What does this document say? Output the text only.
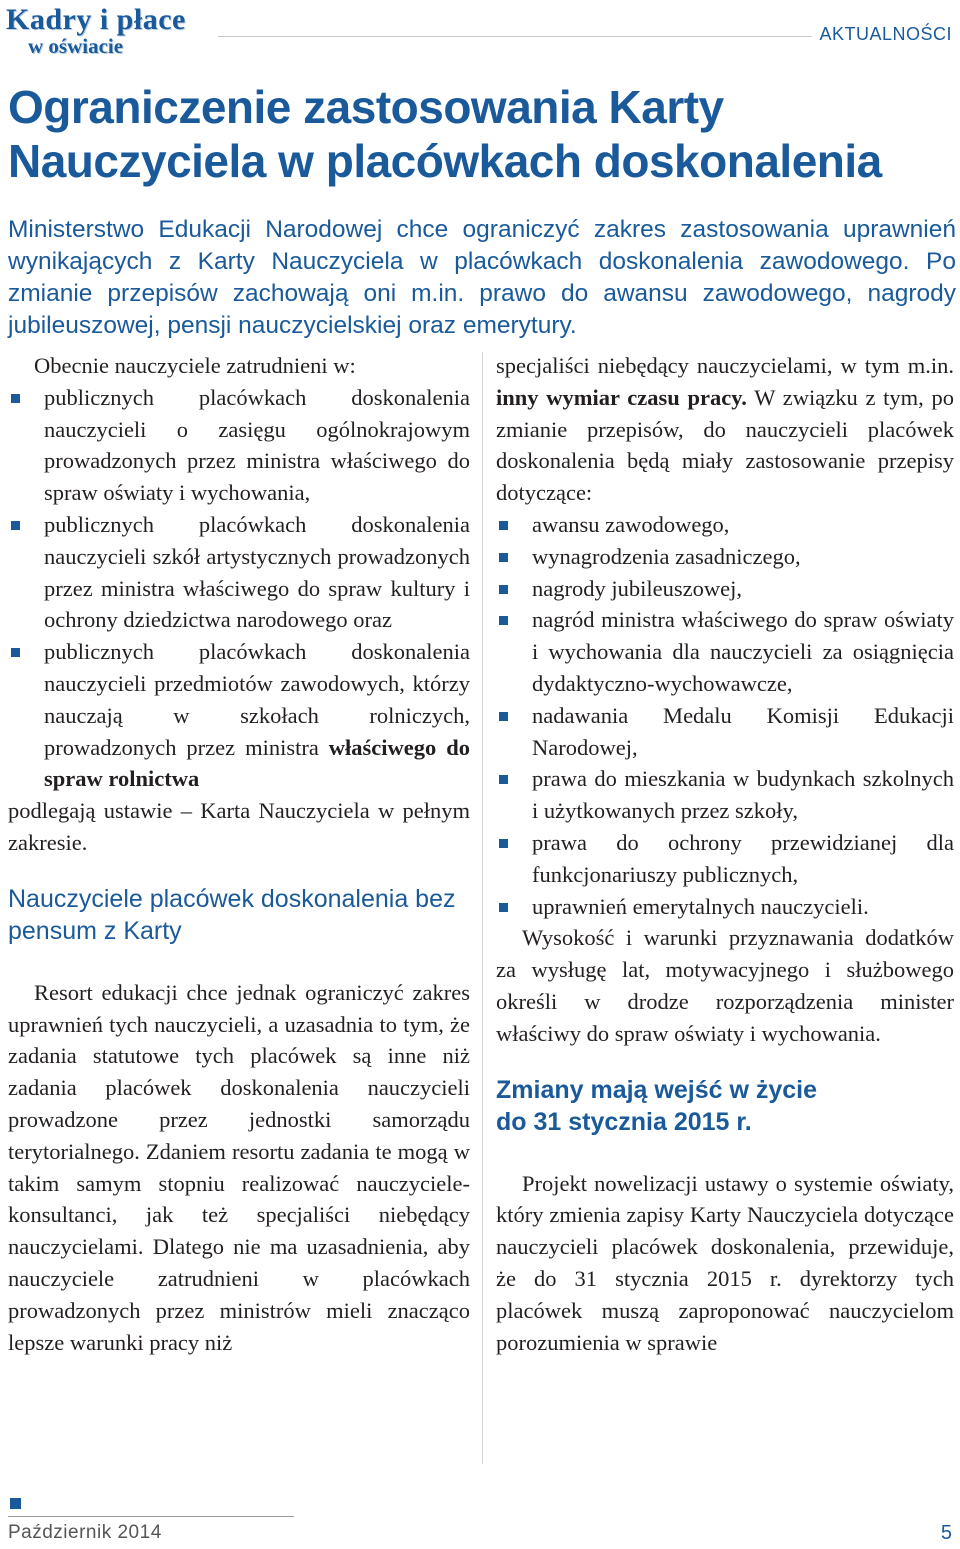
Kadry i płace
w oświacie	AKTUALNOŚCI
Ograniczenie zastosowania Karty Nauczyciela w placówkach doskonalenia

Ministerstwo Edukacji Narodowej chce ograniczyć zakres zastosowania uprawnień wynikających z Karty Nauczyciela w placówkach doskonalenia zawodowego. Po zmianie przepisów zachowają oni m.in. prawo do awansu zawodowego, nagrody jubileuszowej, pensji nauczycielskiej oraz emerytury.

Obecnie nauczyciele zatrudnieni w:

publicznych placówkach doskonalenia nauczycieli o zasięgu ogólnokrajowym prowadzonych przez ministra właściwego do spraw oświaty i wychowania,
publicznych placówkach doskonalenia nauczycieli szkół artystycznych prowadzonych przez ministra właściwego do spraw kultury i ochrony dziedzictwa narodowego oraz
publicznych placówkach doskonalenia nauczycieli przedmiotów zawodowych, którzy nauczają w szkołach rolniczych, prowadzonych przez ministra właściwego do spraw rolnictwa

podlegają ustawie – Karta Nauczyciela w pełnym zakresie.

Nauczyciele placówek doskonalenia bez pensum z Karty

Resort edukacji chce jednak ograniczyć zakres uprawnień tych nauczycieli, a uzasadnia to tym, że zadania statutowe tych placówek są inne niż zadania placówek doskonalenia nauczycieli prowadzone przez jednostki samorządu terytorialnego. Zdaniem resortu zadania te mogą w takim samym stopniu realizować nauczyciele-konsultanci, jak też specjaliści niebędący nauczycielami. Dlatego nie ma uzasadnienia, aby nauczyciele zatrudnieni w placówkach prowadzonych przez ministrów mieli znacząco lepsze warunki pracy niż

specjaliści niebędący nauczycielami, w tym m.in. inny wymiar czasu pracy. W związku z tym, po zmianie przepisów, do nauczycieli placówek doskonalenia będą miały zastosowanie przepisy dotyczące:

awansu zawodowego,
wynagrodzenia zasadniczego,
nagrody jubileuszowej,
nagród ministra właściwego do spraw oświaty i wychowania dla nauczycieli za osiągnięcia dydaktyczno-wychowawcze,
nadawania Medalu Komisji Edukacji Narodowej,
prawa do mieszkania w budynkach szkolnych i użytkowanych przez szkoły,
prawa do ochrony przewidzianej dla funkcjonariuszy publicznych,
uprawnień emerytalnych nauczycieli.

Wysokość i warunki przyznawania dodatków za wysługę lat, motywacyjnego i służbowego określi w drodze rozporządzenia minister właściwy do spraw oświaty i wychowania.

Zmiany mają wejść w życie
do 31 stycznia 2015 r.

Projekt nowelizacji ustawy o systemie oświaty, który zmienia zapisy Karty Nauczyciela dotyczące nauczycieli placówek doskonalenia, przewiduje, że do 31 stycznia 2015 r. dyrektorzy tych placówek muszą zaproponować nauczycielom porozumienia w sprawie

Październik 2014	5
